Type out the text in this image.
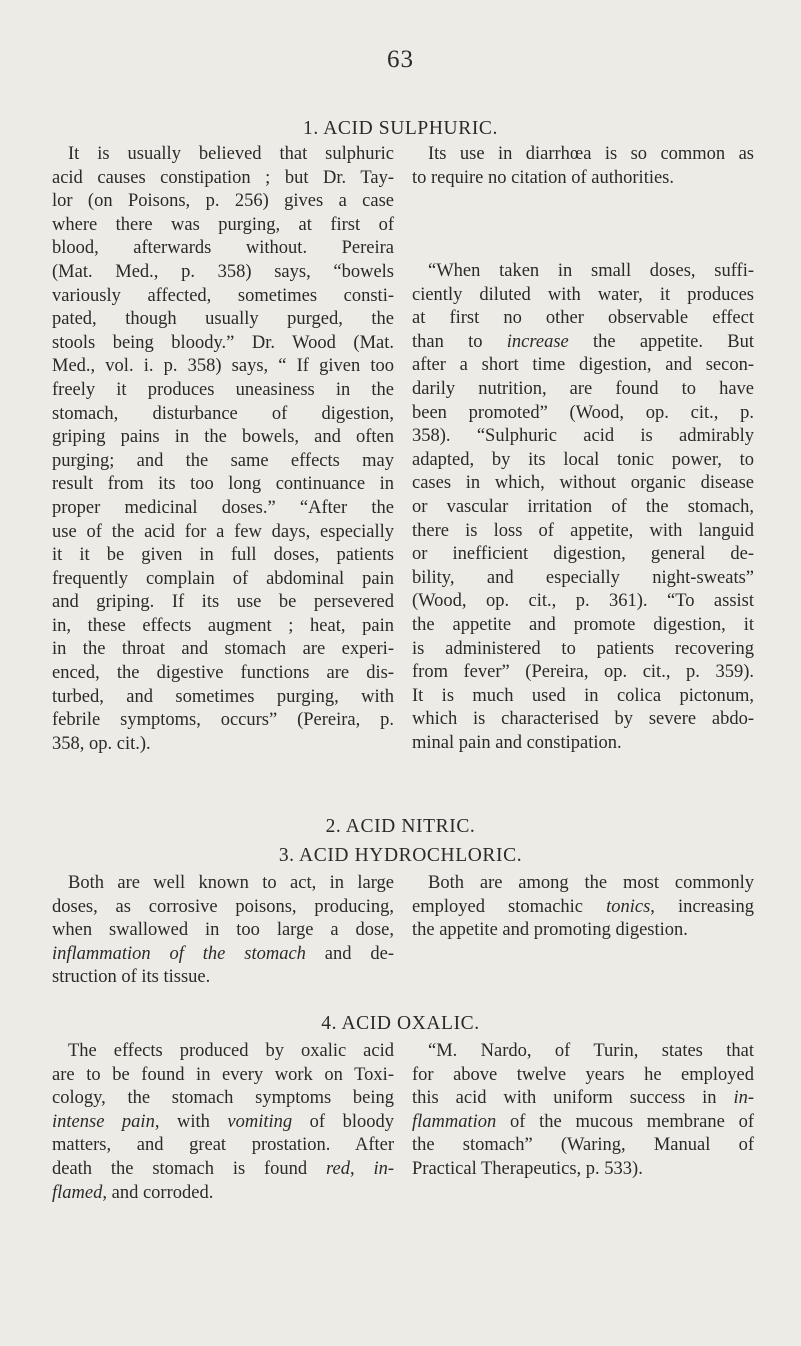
63
1. ACID SULPHURIC.

It is usually believed that sulphuric
acid causes constipation ; but Dr. Tay-
lor (on Poisons, p. 256) gives a case
where there was purging, at first of
blood, afterwards without. Pereira
(Mat. Med., p. 358) says, “bowels
variously affected, sometimes consti-
pated, though usually purged, the
stools being bloody.” Dr. Wood (Mat.
Med., vol. i. p. 358) says, “ If given too
freely it produces uneasiness in the
stomach, disturbance of digestion,
griping pains in the bowels, and often
purging; and the same effects may
result from its too long continuance in
proper medicinal doses.” “After the
use of the acid for a few days, especially
it it be given in full doses, patients
frequently complain of abdominal pain
and griping. If its use be persevered
in, these effects augment ; heat, pain
in the throat and stomach are experi-
enced, the digestive functions are dis-
turbed, and sometimes purging, with
febrile symptoms, occurs” (Pereira, p.
358, op. cit.).

Its use in diarrhœa is so common as
to require no citation of authorities.

“When taken in small doses, suffi-
ciently diluted with water, it produces
at first no other observable effect
than to increase the appetite. But
after a short time digestion, and secon-
darily nutrition, are found to have
been promoted” (Wood, op. cit., p.
358). “Sulphuric acid is admirably
adapted, by its local tonic power, to
cases in which, without organic disease
or vascular irritation of the stomach,
there is loss of appetite, with languid
or inefficient digestion, general de-
bility, and especially night-sweats”
(Wood, op. cit., p. 361). “To assist
the appetite and promote digestion, it
is administered to patients recovering
from fever” (Pereira, op. cit., p. 359).
It is much used in colica pictonum,
which is characterised by severe abdo-
minal pain and constipation.

2. ACID NITRIC.
3. ACID HYDROCHLORIC.

Both are well known to act, in large
doses, as corrosive poisons, producing,
when swallowed in too large a dose,
inflammation of the stomach and de-
struction of its tissue.

Both are among the most commonly
employed stomachic tonics, increasing
the appetite and promoting digestion.

4. ACID OXALIC.

The effects produced by oxalic acid
are to be found in every work on Toxi-
cology, the stomach symptoms being
intense pain, with vomiting of bloody
matters, and great prostation. After
death the stomach is found red, in-
flamed, and corroded.

“M. Nardo, of Turin, states that
for above twelve years he employed
this acid with uniform success in in-
flammation of the mucous membrane of
the stomach” (Waring, Manual of
Practical Therapeutics, p. 533).
